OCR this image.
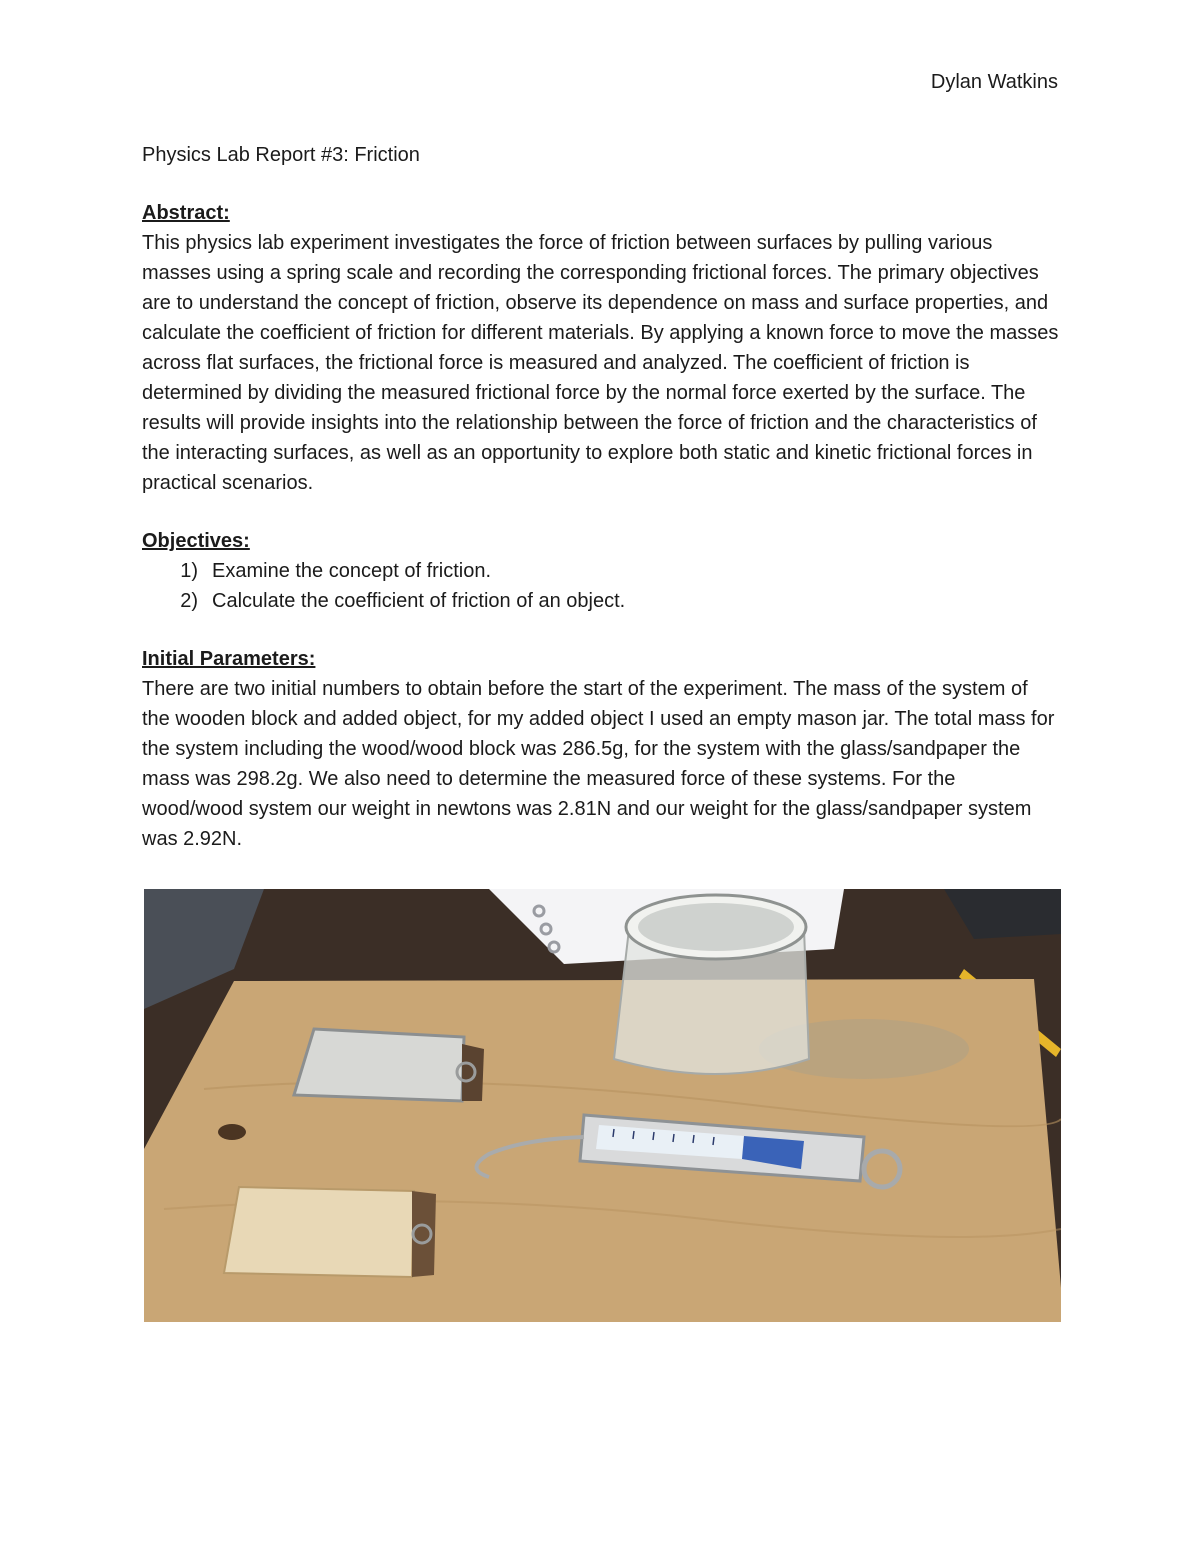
Dylan Watkins

Physics Lab Report #3: Friction

Abstract:

This physics lab experiment investigates the force of friction between surfaces by pulling various masses using a spring scale and recording the corresponding frictional forces. The primary objectives are to understand the concept of friction, observe its dependence on mass and surface properties, and calculate the coefficient of friction for different materials. By applying a known force to move the masses across flat surfaces, the frictional force is measured and analyzed. The coefficient of friction is determined by dividing the measured frictional force by the normal force exerted by the surface. The results will provide insights into the relationship between the force of friction and the characteristics of the interacting surfaces, as well as an opportunity to explore both static and kinetic frictional forces in practical scenarios.

Objectives:

1) Examine the concept of friction.
2) Calculate the coefficient of friction of an object.

Initial Parameters:

There are two initial numbers to obtain before the start of the experiment. The mass of the system of the wooden block and added object, for my added object I used an empty mason jar. The total mass for the system including the wood/wood block was 286.5g, for the system with the glass/sandpaper the mass was 298.2g. We also need to determine the measured force of these systems. For the wood/wood system our weight in newtons was 2.81N and our weight for the glass/sandpaper system was 2.92N.
